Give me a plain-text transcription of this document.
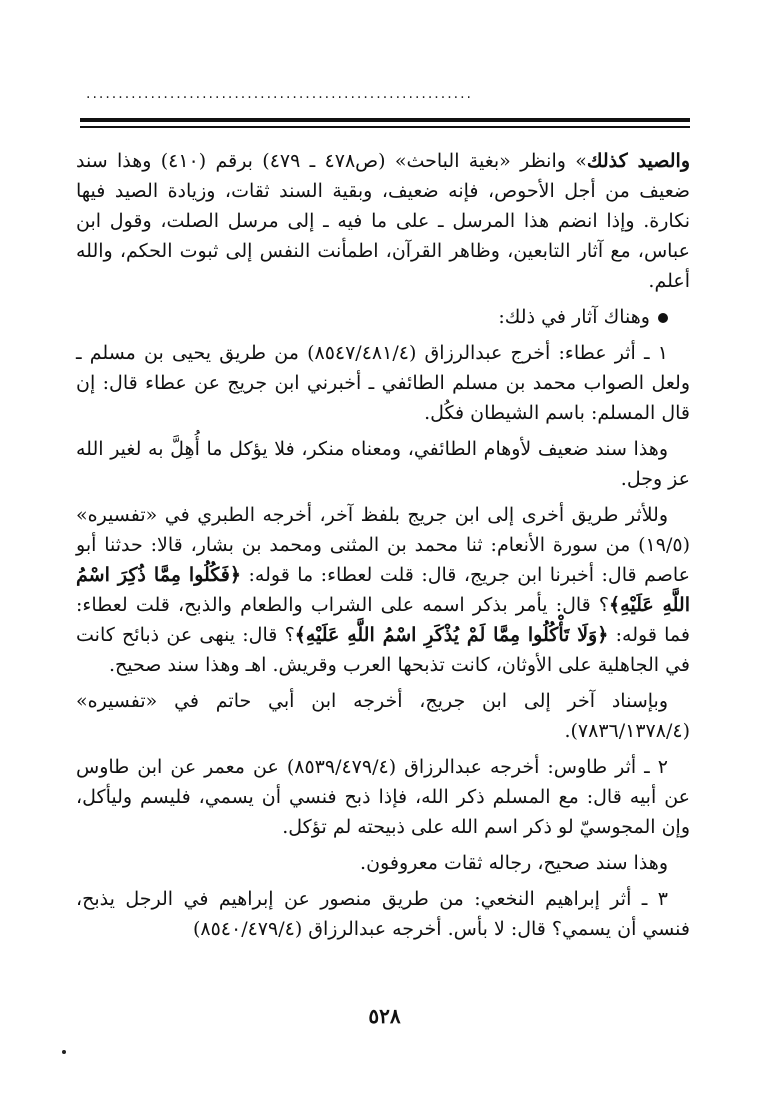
............................................................

والصيد كذلك» وانظر «بغية الباحث» (ص٤٧٨ ـ ٤٧٩) برقم (٤١٠) وهذا سند ضعيف من أجل الأحوص، فإنه ضعيف، وبقية السند ثقات، وزيادة الصيد فيها نكارة. وإذا انضم هذا المرسل ـ على ما فيه ـ إلى مرسل الصلت، وقول ابن عباس، مع آثار التابعين، وظاهر القرآن، اطمأنت النفس إلى ثبوت الحكم، والله أعلم.

وهناك آثار في ذلك:

١ ـ أثر عطاء: أخرج عبدالرزاق (٨٥٤٧/٤٨١/٤) من طريق يحيى بن مسلم ـ ولعل الصواب محمد بن مسلم الطائفي ـ أخبرني ابن جريج عن عطاء قال: إن قال المسلم: باسم الشيطان فكُل.

وهذا سند ضعيف لأوهام الطائفي، ومعناه منكر، فلا يؤكل ما أُهِلَّ به لغير الله عز وجل.

وللأثر طريق أخرى إلى ابن جريج بلفظ آخر، أخرجه الطبري في «تفسيره» (١٩/٥) من سورة الأنعام: ثنا محمد بن المثنى ومحمد بن بشار، قالا: حدثنا أبو عاصم قال: أخبرنا ابن جريج، قال: قلت لعطاء: ما قوله: ﴿فَكُلُوا مِمَّا ذُكِرَ اسْمُ اللَّهِ عَلَيْهِ﴾؟ قال: يأمر بذكر اسمه على الشراب والطعام والذبح، قلت لعطاء: فما قوله: ﴿وَلَا تَأْكُلُوا مِمَّا لَمْ يُذْكَرِ اسْمُ اللَّهِ عَلَيْهِ﴾؟ قال: ينهى عن ذبائح كانت في الجاهلية على الأوثان، كانت تذبحها العرب وقريش. اهـ وهذا سند صحيح.

وبإسناد آخر إلى ابن جريج، أخرجه ابن أبي حاتم في «تفسيره» (٧٨٣٦/١٣٧٨/٤).

٢ ـ أثر طاوس: أخرجه عبدالرزاق (٨٥٣٩/٤٧٩/٤) عن معمر عن ابن طاوس عن أبيه قال: مع المسلم ذكر الله، فإذا ذبح فنسي أن يسمي، فليسم وليأكل، وإن المجوسيّ لو ذكر اسم الله على ذبيحته لم تؤكل.

وهذا سند صحيح، رجاله ثقات معروفون.

٣ ـ أثر إبراهيم النخعي: من طريق منصور عن إبراهيم في الرجل يذبح، فنسي أن يسمي؟ قال: لا بأس. أخرجه عبدالرزاق (٨٥٤٠/٤٧٩/٤)

٥٢٨
